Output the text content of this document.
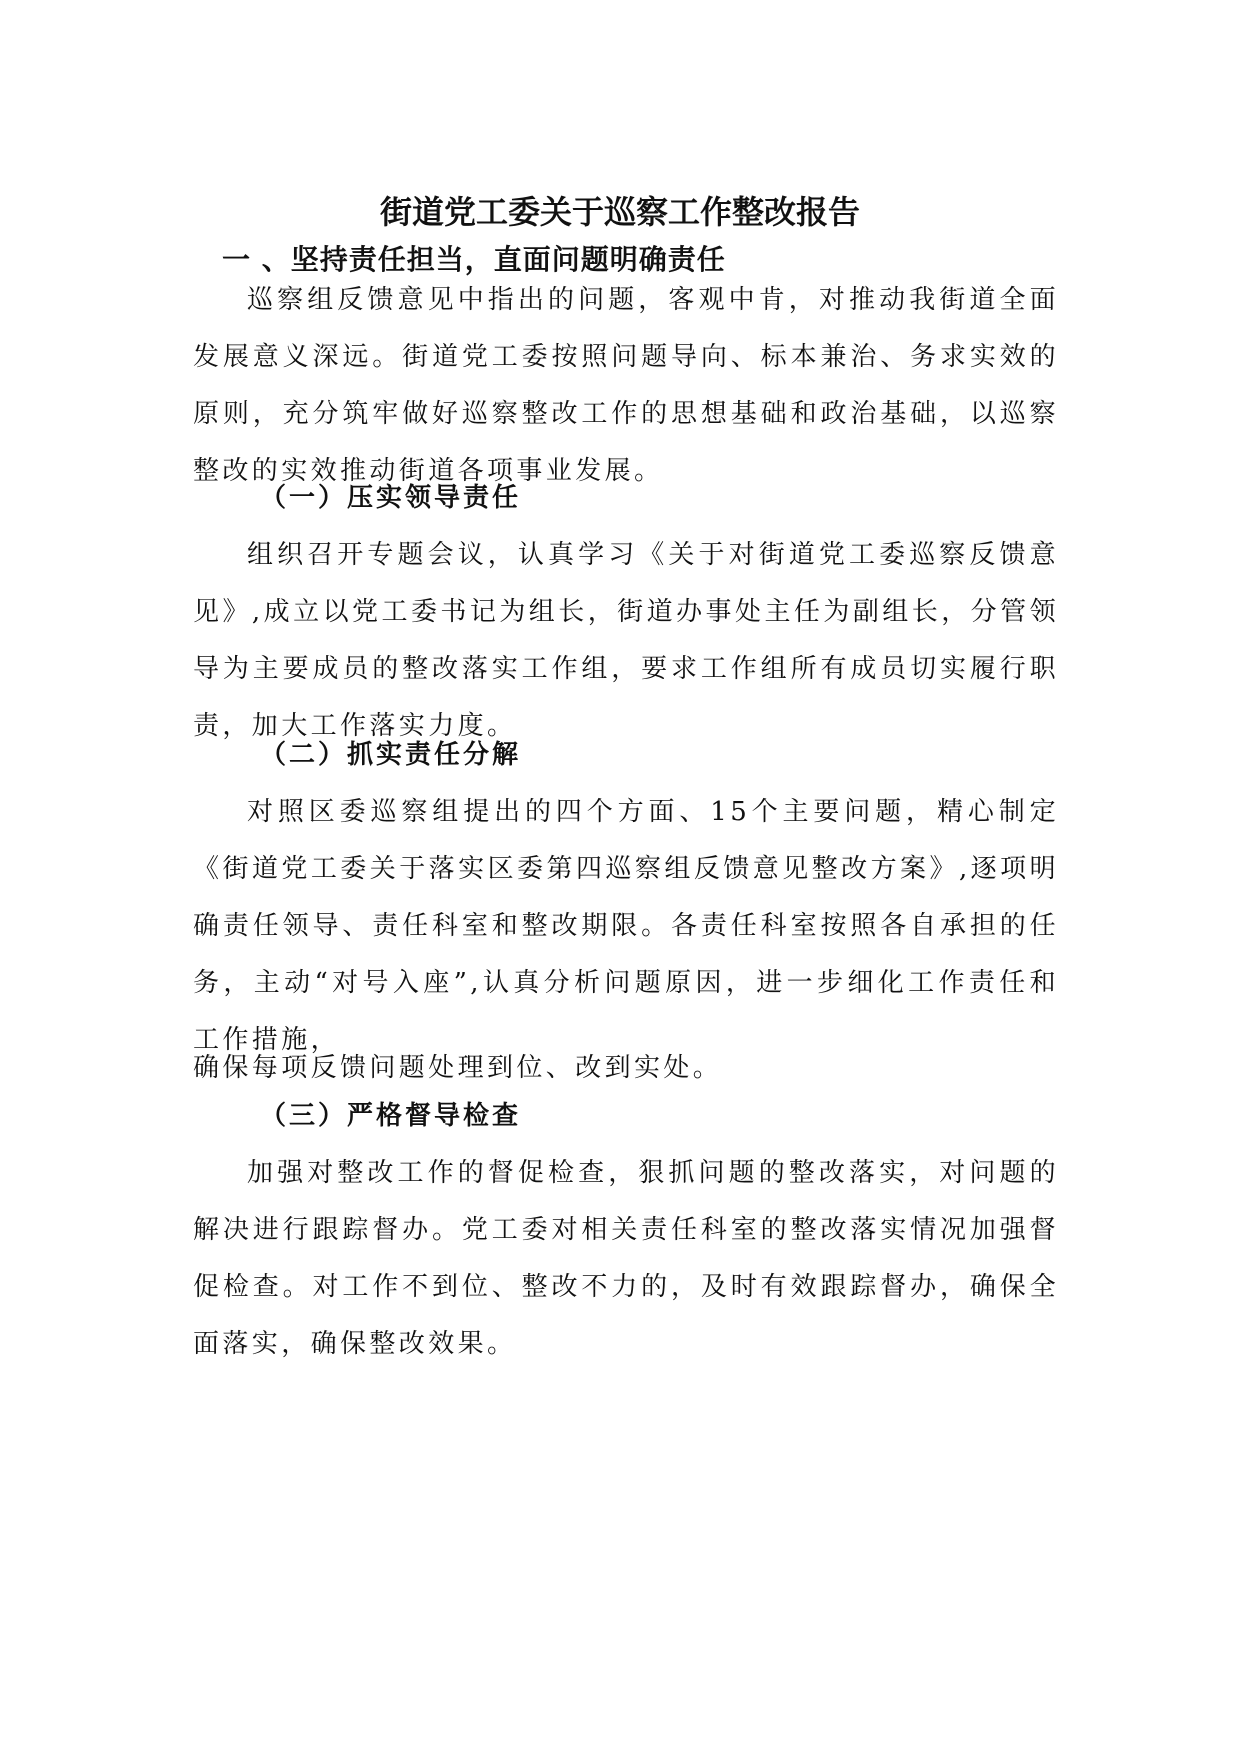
街道党工委关于巡察工作整改报告
一 、坚持责任担当，直面问题明确责任

巡察组反馈意见中指出的问题，客观中肯，对推动我街道全面发展意义深远。街道党工委按照问题导向、标本兼治、务求实效的原则，充分筑牢做好巡察整改工作的思想基础和政治基础，以巡察整改的实效推动街道各项事业发展。

（一）压实领导责任

组织召开专题会议，认真学习《关于对街道党工委巡察反馈意见》,成立以党工委书记为组长，街道办事处主任为副组长，分管领导为主要成员的整改落实工作组，要求工作组所有成员切实履行职责，加大工作落实力度。

（二）抓实责任分解

对照区委巡察组提出的四个方面、15个主要问题，精心制定《街道党工委关于落实区委第四巡察组反馈意见整改方案》,逐项明确责任领导、责任科室和整改期限。各责任科室按照各自承担的任务，主动“对号入座”,认真分析问题原因，进一步细化工作责任和工作措施，

确保每项反馈问题处理到位、改到实处。

（三）严格督导检查

加强对整改工作的督促检查，狠抓问题的整改落实，对问题的解决进行跟踪督办。党工委对相关责任科室的整改落实情况加强督促检查。对工作不到位、整改不力的，及时有效跟踪督办，确保全面落实，确保整改效果。
